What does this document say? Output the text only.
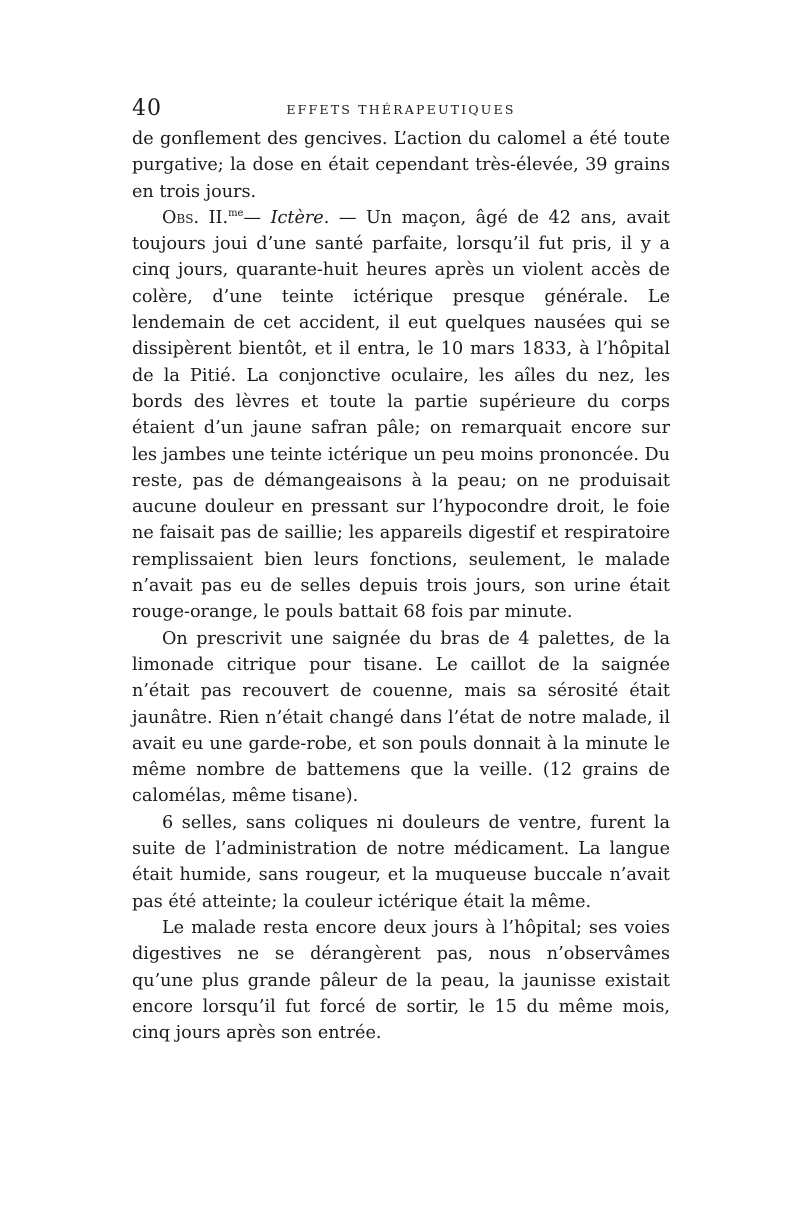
40	EFFETS THÉRAPEUTIQUES

de gonflement des gencives. L’action du calomel a été toute purgative; la dose en était cependant très-élevée, 39 grains en trois jours.

Obs. II.$^{me}$— Ictère. — Un maçon, âgé de 42 ans, avait toujours joui d’une santé parfaite, lorsqu’il fut pris, il y a cinq jours, quarante-huit heures après un violent accès de colère, d’une teinte ictérique presque générale. Le lendemain de cet accident, il eut quelques nausées qui se dissipèrent bientôt, et il entra, le 10 mars 1833, à l’hôpital de la Pitié. La conjonctive oculaire, les aîles du nez, les bords des lèvres et toute la partie supérieure du corps étaient d’un jaune safran pâle; on remarquait encore sur les jambes une teinte ictérique un peu moins prononcée. Du reste, pas de démangeaisons à la peau; on ne produisait aucune douleur en pressant sur l’hypocondre droit, le foie ne faisait pas de saillie; les appareils digestif et respiratoire remplissaient bien leurs fonctions, seulement, le malade n’avait pas eu de selles depuis trois jours, son urine était rouge-orange, le pouls battait 68 fois par minute.

On prescrivit une saignée du bras de 4 palettes, de la limonade citrique pour tisane. Le caillot de la saignée n’était pas recouvert de couenne, mais sa sérosité était jaunâtre. Rien n’était changé dans l’état de notre malade, il avait eu une garde-robe, et son pouls donnait à la minute le même nombre de battemens que la veille. (12 grains de calomélas, même tisane).

6 selles, sans coliques ni douleurs de ventre, furent la suite de l’administration de notre médicament. La langue était humide, sans rougeur, et la muqueuse buccale n’avait pas été atteinte; la couleur ictérique était la même.

Le malade resta encore deux jours à l’hôpital; ses voies digestives ne se dérangèrent pas, nous n’observâmes qu’une plus grande pâleur de la peau, la jaunisse existait encore lorsqu’il fut forcé de sortir, le 15 du même mois, cinq jours après son entrée.
